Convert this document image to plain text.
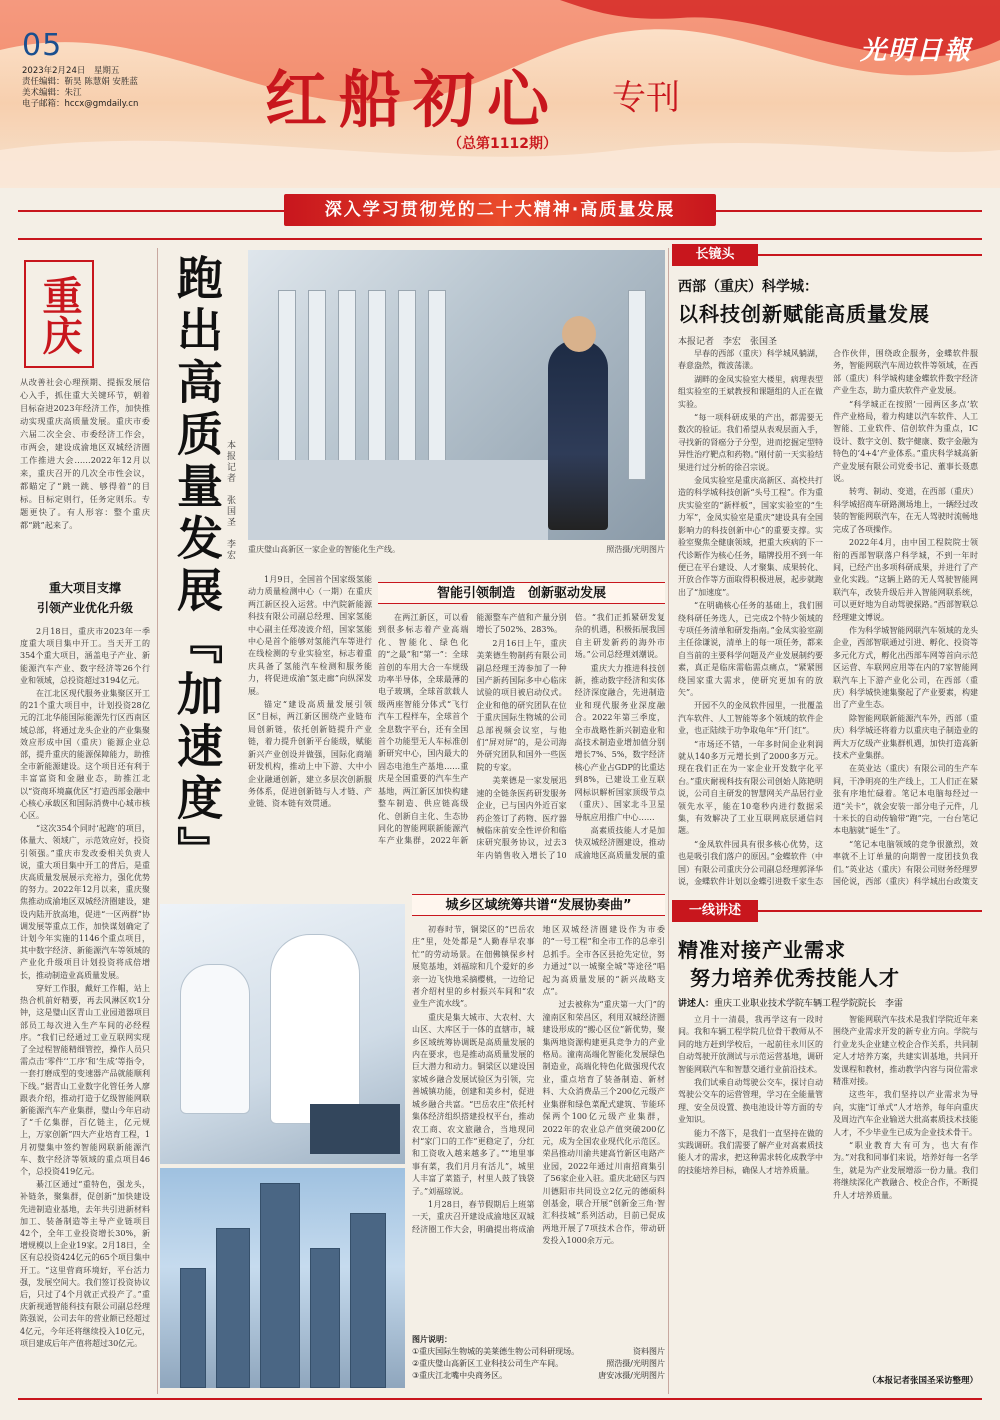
05
2023年2月24日　星期五
责任编辑：靳昊 陈慧娟 安胜蓝
美术编辑：朱江
电子邮箱：hccx@gmdaily.cn 红船初心 专刊
（总第1112期）
光明日報
深入学习贯彻党的二十大精神·高质量发展
重庆
从改善社会心理预期、提振发展信心入手，抓住重大关键环节，朝着目标奋进2023年经济工作，加快推动实现重庆高质量发展。重庆市委六届二次全会、市委经济工作会，市两会，建设成渝地区双城经济圈工作推进大会……2022年12月以来，重庆召开的几次全市性会议，都瞄定了“跳一跳、够得着”的目标。目标定则行，任务定则乐。专题更快了。有人形容：整个重庆都“跳”起来了。
重大项目支撑
引领产业优化升级

2月18日，重庆市2023年一季度重大项目集中开工。当天开工的354个重大项目，涵盖电子产业、新能源汽车产业、数字经济等26个行业和领域，总投资超过3194亿元。

在江北区现代服务业集聚区开工的21个重大项目中，计划投资28亿元的江北华能国际能源先行区西南区域总部，将通过龙头企业的产业集聚效应形成中国（重庆）能源企业总部，提升重庆的能源保障能力，助推全市新能源建设。这个项目还有利于丰富富资和金融业态，助推江北以“资商环境赢优区”打造西部金融中心核心承载区和国际消费中心城市核心区。

“这次354个同时‘起跑’的项目，体量大、领域广，示范效应好，投资引领强。”重庆市发改委相关负责人说，重大项目集中开工的背后，是重庆高质量发展展示充裕力，强化优势的努力。2022年12月以来，重庆聚焦推动成渝地区双城经济圈建设，建设内陆开放高地，促进“一区两群”协调发展等重点工作，加快谋划确定了计划今年实施的1146个重点项目，其中数字经济、新能源汽车等领域的产业化升级项目计划投资将成倍增长，推动制造业高质量发展。

穿好工作服，戴好工作帽，站上热合机前好精要，再去风淋区吹1分钟，这是璧山区青山工业园道器项目部员工每次进入生产车间的必经程序。“我们已经通过工业互联网实现了全过程智能精细管控，操作人员只需点击‘零件’‘工序’和‘生成’等指令，一套打磨成型的变速器产品就能顺利下线。”据青山工业数字化管任务人廖跟表介绍，推动打造于亿级智能网联新能源汽车产业集群，璧山今年启动了“千亿集群，百亿链主，亿元规上，万家创新”四大产业培育工程，1月初璧集中签约智能网联新能源汽车、数字经济等领域的重点项目46个，总投资419亿元。

綦江区通过“重特色，强龙头，补链条，聚集群，促创新”加快建设先进制造业基地，去年共引进新材料加工、装备制造等主导产业链项目42个，全年工业投资增长30%，新增规模以上企业19家。2月18日，全区有总投资424亿元的65个项目集中开工。“这里营商环境好，平台活力强，发展空间大。我们签订投资协议后，只过了4个月就正式投产了。”重庆新视通智能科技有限公司副总经理陈强说，公司去年的营业额已经超过4亿元，今年还将继续投入10亿元，项目建成后年产值将超过30亿元。

跑出高质量发展『加速度』 本报记者　张国圣　李宏 重庆璧山高新区一家企业的智能化生产线。	照浩摄/光明图片

1月9日，全国首个国家级氢能动力质量检测中心（一期）在重庆两江新区投入运营。中汽院新能源科技有限公司副总经理、国家氢能中心副主任郑凌波介绍，国家氢能中心是首个能够对氢能汽车等进行在线检测的专业实验室，标志着重庆具备了氢能汽车检测和服务能力，将促进成渝“氢走廊”向纵深发展。

锚定“建设高质量发展引领区”目标，两江新区围绕产业链布局创新链，依托创新链提升产业链，着力提升创新平台能级，赋能新兴产业创设并做强，国际化商端研发机构，推动上中下游、大中小企业融通创新，建立多层次创新服务体系，促进创新链与人才链、产业链、资本链有效贯通。

智能引领制造　创新驱动发展

在两江新区，可以看到很多标志着产业高端化、智能化、绿色化的“之最”和“第一”：全球首创的车用大合一车规级功率半导体，全球最薄的电子玻璃，全球首款载人级两座智能分体式“飞行汽车工程样车，全球首个全息数字平台，还有全国首个功能型无人车标准创新研究中心，国内最大的固态电池生产基地……重庆是全国重要的汽车生产基地，两江新区加快构建整车制造、供应链高级化、创新自主化、生态协同化的智能网联新能源汽车产业集群，2022年新能源整车产值和产量分别增长了502%、283%。

2月16日上午，重庆美莱德生物制药有限公司副总经理王涛参加了一种国产新药国际多中心临床试验的项目被启动仪式。企业和他的研究团队在位于重庆国际生物城的公司总部视频会议室，与他们“屏对屏”的，是公司海外研究团队和国外一些医院的专家。

美莱德是一家发展迅速的全链条医药研发服务企业，已与国内外近百家药企签订了药物、医疗器械临床前安全性评价和临床研究服务协议，过去3年内销售收入增长了10倍。“我们正抓紧研发复杂的机遇，积极拓展我国自主研发新药的海外市场。”公司总经理刘潮说。

重庆大力推进科技创新，推动数字经济和实体经济深度融合，先进制造业和现代服务业深度融合。2022年第三季度，全市战略性新兴制造业和高技术制造业增加值分别增长7%、5%，数字经济核心产业占GDP的比重达到8%，已建设工业互联网标识解析国家顶级节点（重庆）、国家北斗卫星导航应用推广中心……

高素质技能人才是加快双城经济圈建设，推动成渝地区高质量发展的重

城乡区域统筹共谱“发展协奏曲”

初春时节，铜梁区的“巴岳农庄”里，处处都是“人勤春早农事忙”的劳动场景。在佃佛镇保乡村展览基地，刘福琼和几个爱好的乡亲一边飞快地采摘樱桃，一边给记者介绍村里的乡村振兴车间和“农业生产流水线”。

重庆是集大城市、大农村、大山区、大库区于一体的直辖市，城乡区域统筹协调既是高质量发展的内在要求，也是推动高质量发展的巨大潜力和动力。铜梁区以建设国家城乡融合发展试验区为引领，完善城镇功能，创建和美乡村，促进城乡融合共富。“巴岳农庄”依托村集体经济组织搭建投权平台，推动农工商、农文旅融合，当地现同村“家门口的工作”更稳定了，分红和工资收入越来越多了。”“地里事事有菜，我们月月有活儿”，城里人丰富了菜篮子，村里人鼓了钱袋子。”刘福琼说。

1月28日，春节假期后上班第一天，重庆召开建设成渝地区双城经济圈工作大会，明确提出将成渝地区双城经济圈建设作为市委的“一号工程”和全市工作的总牵引总抓手。全市各区县抢先定位，努力通过“以一城聚全城”等途径“唱起为高质量发展的“新兴战略支点”。

过去被称为“重庆第一大门”的潼南区和荣昌区，利用双城经济圈建设形成的“搬心区位”新优势，聚集两地资源构建更具竞争力的产业格局。潼南高端化智能化发展绿色制造业，高端化特色化做强现代农业，重点培育了装备制造、新材料、大众消费品三个200亿元级产业集群和绿色菜配式建筑、节能环保两个100亿元级产业集群，2022年的农业总产值突破200亿元，成为全国农业现代化示范区。荣昌推动川渝共建高竹新区电路产业园，2022年通过川南招商集引了56家企业入驻。重庆北碚区与四川德阳市共同设立2亿元的德硕科创基金，联合开展“创新金三角·智汇科技城”系列活动，目前已促成两地开展了7项技术合作，带动研发投入1000余万元。

图片说明：
①重庆国际生物城的美莱德生物公司科研现场。	资料图片
②重庆璧山高新区工业科技公司生产车间。	照浩摄/光明图片
③重庆江北嘴中央商务区。	唐安冰摄/光明图片
长镜头
西部（重庆）科学城：
以科技创新赋能高质量发展
本报记者　李宏　张国圣

早春的西部（重庆）科学城风躺湖，春意盎然，微波荡漾。

湖畔的金凤实验室大楼里，病理表型组实验室的王斌教授和课题组的人正在做实验。

“每一项科研成果的产出，都需要无数次的验证。我们希望从表观层面入手，寻找新的肾癌分子分型，进而挖掘定型特异性治疗靶点和药物。”刚付前一天实验结果进行过分析的徐召宗说。

金凤实验室是重庆高新区、高校共打造的科学城科技创新“头号工程”。作为重庆实验室的“新样板”，国家实验室的“生力军”，金凤实验室是重庆“建设具有全国影响力的科技创新中心”的重要支撑。实验室聚焦全健康领域，把重大疾病的下一代诊断作为核心任务，瞄牌投用不到一年便已在平台建设、人才聚集、成果转化、开放合作等方面取得积极进展，起步就跑出了“加速度”。

“在明确核心任务的基础上，我们围绕科研任务选人，已完成2个特少领域的专项任务清单和研发指南。”金凤实验室副主任徐谦说，清单上的每一项任务，都来自当前的主要科学问题及产业发展制约要素，真正是临床需临需点痛点，“紧紧围绕国家重大需求，使研究更加有的放矢”。

开园不久的金凤软件园里，一批覆盖汽车软件、人工智能等多个领域的软件企业，也正陆续于功争取龟年“开门红”。

“市场还不错，一年多时间企业利润就从140多万元增长到了2000多万元。现在我们正在为一家企业开发数字化平台。”重庆耐视科技有限公司创始人陈艳明说，公司自主研发的智慧网关产品居行业领先水平，能在10毫秒内进行数据采集，有效解决了工业互联网底层通信问题。

“金凤软件园具有很多核心优势，这也是吸引我们落户的原因。”金蝶软件（中国）有限公司重庆分公司副总经理郭泽华说，金蝶软件计划以金蝶引进数千家生态合作伙伴，围绕政企服务，金蝶软件服务，智能网联汽车周边软件等领域，在西部（重庆）科学城构建金蝶软件数字经济产业生态，助力重庆软件产业发展。

“科学城正在按照‘一园两区多点’软件产业格局，着力构建以汽车软件、人工智能、工业软件、信创软件为重点，IC设计、数字文创、数字健康、数字金融为特色的‘4+4’产业体系。”重庆科学城高新产业发展有限公司党委书记、董事长聂惠说。

转弯、制动、变道，在西部（重庆）科学城招商车研路测场地上，一辆经过改装的智能网联汽车，在无人驾驶时流畅地完成了各项操作。

2022年4月，由中国工程院院士领衔的西部智联落户科学城，不到一年时间，已经产出多项科研成果，并进行了产业化实践。“这辆上路的无人驾驶智能网联汽车，改装升级后并入智能网联系统，可以更好地为自动驾驶探路。”西部智联总经理建文博说。

作为科学城智能网联汽车领域的龙头企业，西部智联通过引进、孵化、投资等多元化方式，孵化出西部车网等首向示范区运营、车联网应用等在内的7家智能网联汽车上下游产业化公司，在西部（重庆）科学城快速集聚起了产业要素，构建出了产业生态。

除智能网联新能源汽车外，西部（重庆）科学城还将着力以重庆电子制造业的两大万亿级产业集群机遇，加快打造高新技术产业集群。

在英业达（重庆）有限公司的生产车间，干净明亮的生产线上，工人们正在紧张有序地忙碌着。笔记本电脑每经过一道“关卡”，就会安装一部分电子元件，几十米长的自动传输带“跑”完，一台台笔记本电脑就“诞生”了。

“笔记本电脑领域的竞争很激烈，效率就不上订单量的向期曾一度团技负我们。”英业达（重庆）有限公司财务经理罗国伦说，西部（重庆）科学城出台政策支

一线讲述
精准对接产业需求
努力培养优秀技能人才
讲述人：重庆工业职业技术学院车辆工程学院院长　李雷

立月十一清晨，我再学这有一段时间。我和车辆工程学院几位骨干教师从不同的地方赶到学校后，一起前往永川区的自动驾驶开放测试与示范运营基地，调研智能网联汽车和智慧交通行业前沿技术。

我们试乘自动驾驶公交车，探讨自动驾驶公交车的运营管理，学习在全能量管理、安全员设置、换电池设计等方面的专业知识。

能力不落下，是我们一直坚持在做的实践调研。我们需要了解产业对高素质技能人才的需求，把这种需求转化成教学中的技能培养目标，确保人才培养质量。

智能网联汽车技术是我们学院近年来围绕产业需求开发的新专业方向。学院与行业龙头企业建立校企合作关系，共同制定人才培养方案，共建实训基地，共同开发课程和教材，推动教学内容与岗位需求精准对接。

这些年，我们坚持以产业需求为导向，实施“订单式”人才培养，每年向重庆及周边汽车企业输送大批高素质技术技能人才，不少毕业生已成为企业技术骨干。

“职业教育大有可为，也大有作为。”对我和同事们来说，培养好每一名学生，就是为产业发展增添一份力量。我们将继续深化产教融合、校企合作，不断提升人才培养质量。

（本报记者张国圣采访整理）
